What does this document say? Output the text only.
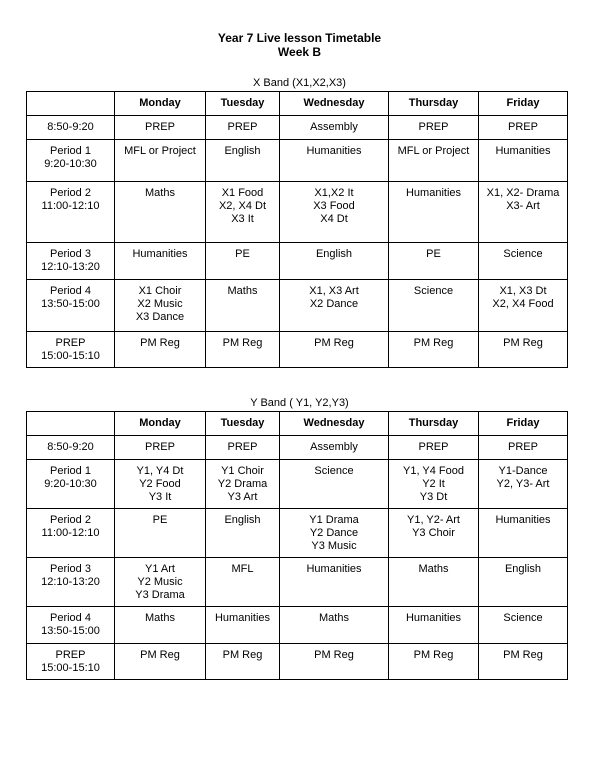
Year 7 Live lesson Timetable
Week B
X Band (X1,X2,X3)
	Monday	Tuesday	Wednesday	Thursday	Friday
8:50-9:20	PREP	PREP	Assembly	PREP	PREP
Period 1
9:20-10:30	MFL or Project	English	Humanities	MFL or Project	Humanities
Period 2
11:00-12:10	Maths	X1 Food
X2, X4 Dt
X3 It	X1,X2 It
X3 Food
X4 Dt	Humanities	X1, X2- Drama
X3- Art
Period 3
12:10-13:20	Humanities	PE	English	PE	Science
Period 4
13:50-15:00	X1 Choir
X2 Music
X3 Dance	Maths	X1, X3 Art
X2 Dance	Science	X1, X3 Dt
X2, X4 Food
PREP
15:00-15:10	PM Reg	PM Reg	PM Reg	PM Reg	PM Reg
Y Band ( Y1, Y2,Y3)
	Monday	Tuesday	Wednesday	Thursday	Friday
8:50-9:20	PREP	PREP	Assembly	PREP	PREP
Period 1
9:20-10:30	Y1, Y4 Dt
Y2 Food
Y3 It	Y1 Choir
Y2 Drama
Y3 Art	Science	Y1, Y4 Food
Y2 It
Y3 Dt	Y1-Dance
Y2, Y3- Art
Period 2
11:00-12:10	PE	English	Y1 Drama
Y2 Dance
Y3 Music	Y1, Y2- Art
Y3 Choir	Humanities
Period 3
12:10-13:20	Y1 Art
Y2 Music
Y3 Drama	MFL	Humanities	Maths	English
Period 4
13:50-15:00	Maths	Humanities	Maths	Humanities	Science
PREP
15:00-15:10	PM Reg	PM Reg	PM Reg	PM Reg	PM Reg
